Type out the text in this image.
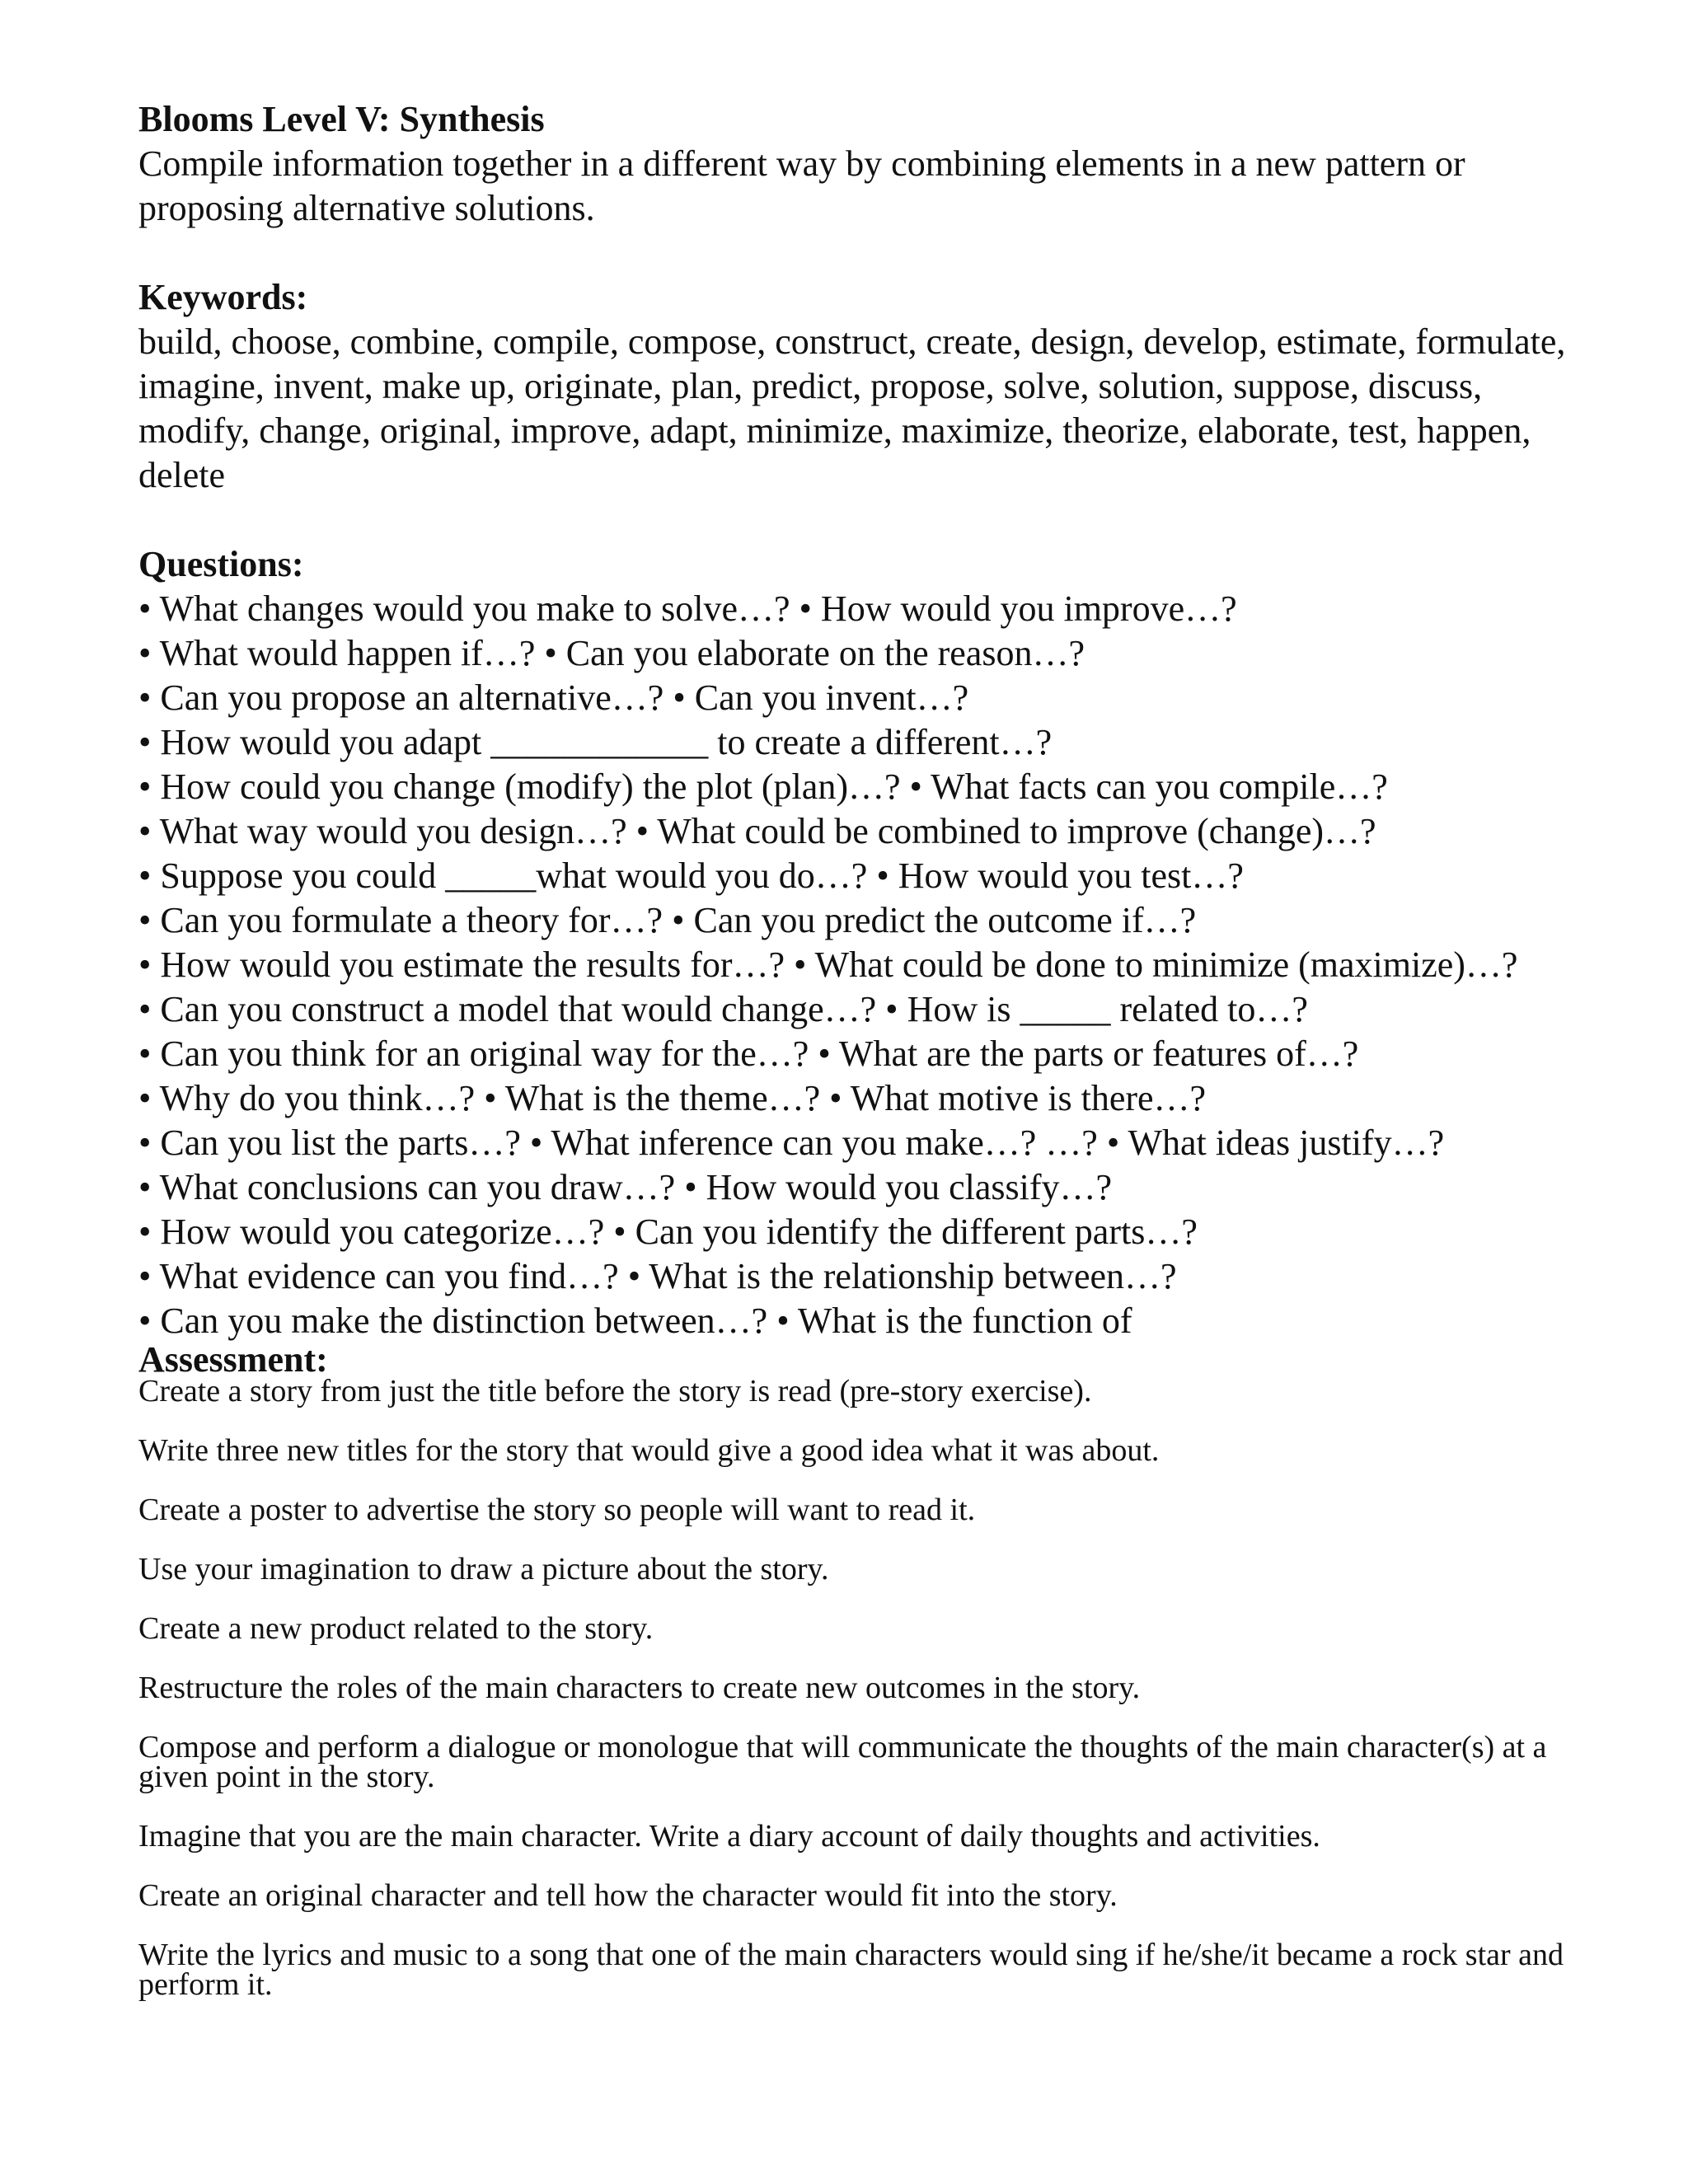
Blooms Level V: Synthesis

Compile information together in a different way by combining elements in a new pattern or proposing alternative solutions.

Keywords:

build, choose, combine, compile, compose, construct, create, design, develop, estimate, formulate, imagine, invent, make up, originate, plan, predict, propose, solve, solution, suppose, discuss, modify, change, original, improve, adapt, minimize, maximize, theorize, elaborate, test, happen, delete

Questions:

• What changes would you make to solve…? • How would you improve…?
• What would happen if…? • Can you elaborate on the reason…?
• Can you propose an alternative…? • Can you invent…?
• How would you adapt ____________ to create a different…?
• How could you change (modify) the plot (plan)…? • What facts can you compile…?
• What way would you design…? • What could be combined to improve (change)…?
• Suppose you could _____what would you do…? • How would you test…?
• Can you formulate a theory for…? • Can you predict the outcome if…?
• How would you estimate the results for…? • What could be done to minimize (maximize)…?
• Can you construct a model that would change…? • How is _____ related to…?
• Can you think for an original way for the…? • What are the parts or features of…?
• Why do you think…? • What is the theme…? • What motive is there…?
• Can you list the parts…? • What inference can you make…? …? • What ideas justify…?
• What conclusions can you draw…? • How would you classify…?
• How would you categorize…? • Can you identify the different parts…?
• What evidence can you find…? • What is the relationship between…?
• Can you make the distinction between…? • What is the function of

Assessment:

Create a story from just the title before the story is read (pre-story exercise).

Write three new titles for the story that would give a good idea what it was about.

Create a poster to advertise the story so people will want to read it.

Use your imagination to draw a picture about the story.

Create a new product related to the story.

Restructure the roles of the main characters to create new outcomes in the story.

Compose and perform a dialogue or monologue that will communicate the thoughts of the main character(s) at a given point in the story.

Imagine that you are the main character. Write a diary account of daily thoughts and activities.

Create an original character and tell how the character would fit into the story.

Write the lyrics and music to a song that one of the main characters would sing if he/she/it became a rock star and perform it.
